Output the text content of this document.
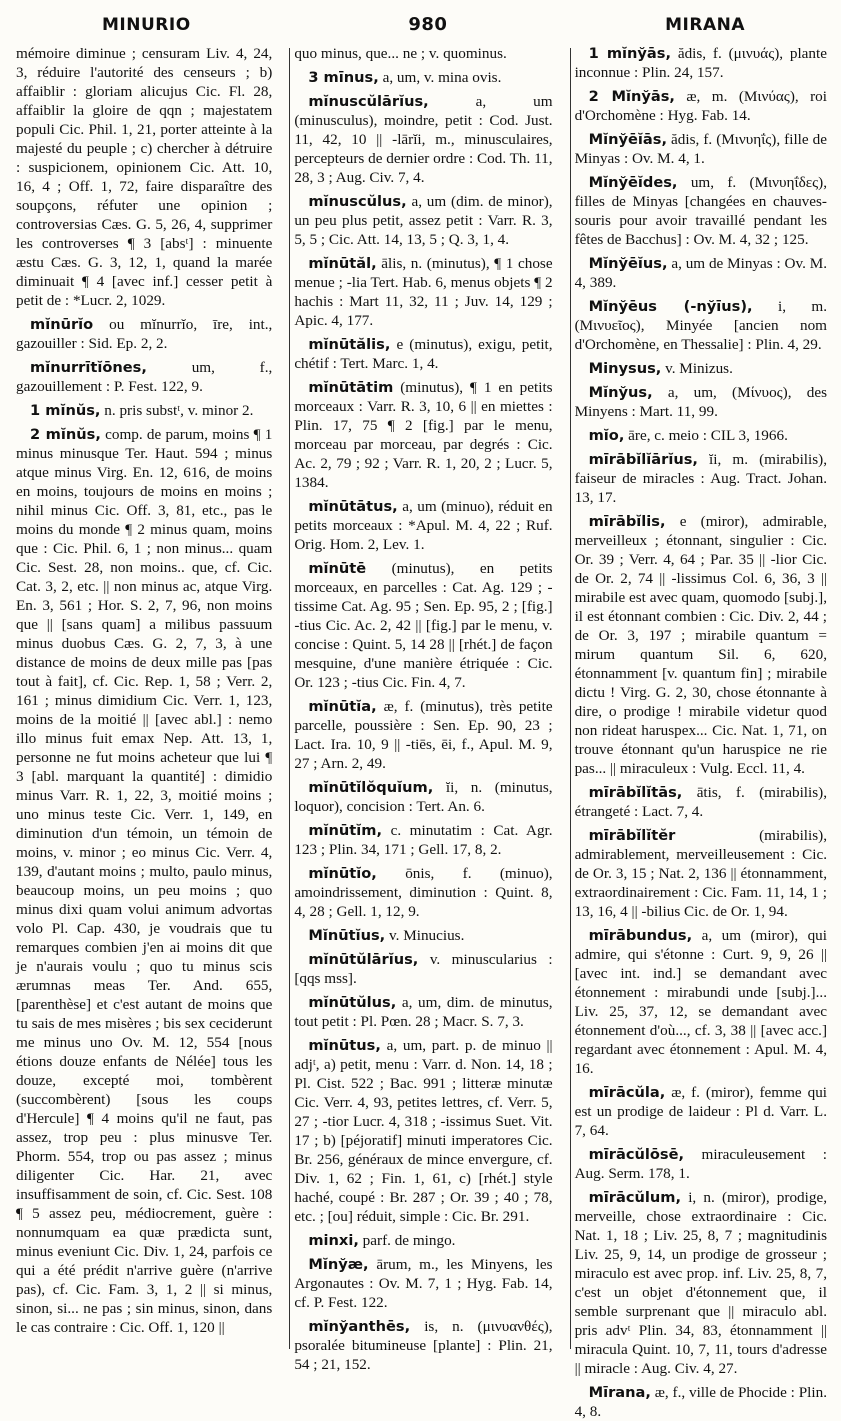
MINURIO	980	MIRANA

mémoire diminue ; censuram Liv. 4, 24, 3, réduire l'autorité des censeurs ; b) affaiblir : gloriam alicujus Cic. Fl. 28, affaiblir la gloire de qqn ; majestatem populi Cic. Phil. 1, 21, porter atteinte à la majesté du peuple ; c) chercher à détruire : suspicionem, opinionem Cic. Att. 10, 16, 4 ; Off. 1, 72, faire disparaître des soupçons, réfuter une opinion ; controversias Cæs. G. 5, 26, 4, supprimer les controverses ¶ 3 [absᵗ] : minuente æstu Cæs. G. 3, 12, 1, quand la marée diminuait ¶ 4 [avec inf.] cesser petit à petit de : *Lucr. 2, 1029.

mĭnūrĭo ou mĭnurrĭo, īre, int., gazouiller : Sid. Ep. 2, 2.

mĭnurrītĭōnes,	um, f., gazouillement : P. Fest. 122, 9.

1 mĭnŭs, n. pris substᵗ, v. minor 2.

2 mĭnŭs, comp. de parum, moins ¶ 1 minus minusque Ter. Haut. 594 ; minus atque minus Virg. En. 12, 616, de moins en moins, toujours de moins en moins ; nihil minus Cic. Off. 3, 81, etc., pas le moins du monde ¶ 2 minus quam, moins que : Cic. Phil. 6, 1 ; non minus... quam Cic. Sest. 28, non moins.. que, cf. Cic. Cat. 3, 2, etc. || non minus ac, atque Virg. En. 3, 561 ; Hor. S. 2, 7, 96, non moins que || [sans quam] a milibus passuum minus duobus Cæs. G. 2, 7, 3, à une distance de moins de deux mille pas [pas tout à fait], cf. Cic. Rep. 1, 58 ; Verr. 2, 161 ; minus dimidium Cic. Verr. 1, 123, moins de la moitié || [avec abl.] : nemo illo minus fuit emax Nep. Att. 13, 1, personne ne fut moins acheteur que lui ¶ 3 [abl. marquant la quantité] : dimidio minus Varr. R. 1, 22, 3, moitié moins ; uno minus teste Cic. Verr. 1, 149, en diminution d'un témoin, un témoin de moins, v. minor ; eo minus Cic. Verr. 4, 139, d'autant moins ; multo, paulo minus, beaucoup moins, un peu moins ; quo minus dixi quam volui animum advortas volo Pl. Cap. 430, je voudrais que tu remarques combien j'en ai moins dit que je n'aurais voulu ; quo tu minus scis ærumnas meas Ter. And. 655, [parenthèse] et c'est autant de moins que tu sais de mes misères ; bis sex ceciderunt me minus uno Ov. M. 12, 554 [nous étions douze enfants de Nélée] tous les douze, excepté moi, tombèrent (succombèrent) [sous les coups d'Hercule] ¶ 4 moins qu'il ne faut, pas assez, trop peu : plus minusve Ter. Phorm. 554, trop ou pas assez ; minus diligenter Cic. Har. 21, avec insuffisamment de soin, cf. Cic. Sest. 108 ¶ 5 assez peu, médiocrement, guère : nonnumquam ea quæ prædicta sunt, minus eveniunt Cic. Div. 1, 24, parfois ce qui a été prédit n'arrive guère (n'arrive pas), cf. Cic. Fam. 3, 1, 2 || si minus, sinon, si... ne pas ; sin minus, sinon, dans le cas contraire : Cic. Off. 1, 120 ||

quo minus, que... ne ; v. quominus.

3 mīnus, a, um, v. mina ovis.

mĭnuscŭlārĭus,	a, um (minusculus), moindre, petit : Cod. Just. 11, 42, 10 || -lārĭi, m., minusculaires, percepteurs de dernier ordre : Cod. Th. 11, 28, 3 ; Aug. Civ. 7, 4.

mĭnuscŭlus, a, um (dim. de minor), un peu plus petit, assez petit : Varr. R. 3, 5, 5 ; Cic. Att. 14, 13, 5 ; Q. 3, 1, 4.

mĭnūtăl, ālis, n. (minutus), ¶ 1 chose menue ; -lia Tert. Hab. 6, menus objets ¶ 2 hachis : Mart 11, 32, 11 ; Juv. 14, 129 ; Apic. 4, 177.

mĭnūtălis, e (minutus), exigu, petit, chétif : Tert. Marc. 1, 4.

mĭnūtātim (minutus), ¶ 1 en petits morceaux : Varr. R. 3, 10, 6 || en miettes : Plin. 17, 75 ¶ 2 [fig.] par le menu, morceau par morceau, par degrés : Cic. Ac. 2, 79 ; 92 ; Varr. R. 1, 20, 2 ; Lucr. 5, 1384.

mĭnūtātus, a, um (minuo), réduit en petits morceaux : *Apul. M. 4, 22 ; Ruf. Orig. Hom. 2, Lev. 1.

mĭnūtē (minutus), en petits morceaux, en parcelles : Cat. Ag. 129 ; -tissime Cat. Ag. 95 ; Sen. Ep. 95, 2 ; [fig.] -tius Cic. Ac. 2, 42 || [fig.] par le menu, v. concise : Quint. 5, 14 28 || [rhét.] de façon mesquine, d'une manière étriquée : Cic. Or. 123 ; -tius Cic. Fin. 4, 7.

mĭnūtĭa, æ, f. (minutus), très petite parcelle, poussière : Sen. Ep. 90, 23 ; Lact. Ira. 10, 9 || -tiēs, ēi, f., Apul. M. 9, 27 ; Arn. 2, 49.

mĭnūtĭlŏquĭum, ĭi, n. (minutus, loquor), concision : Tert. An. 6.

mĭnūtĭm, c. minutatim : Cat. Agr. 123 ; Plin. 34, 171 ; Gell. 17, 8, 2.

mĭnūtĭo, ōnis, f. (minuo), amoindrissement, diminution : Quint. 8, 4, 28 ; Gell. 1, 12, 9.

Mĭnūtĭus, v. Minucius.

mĭnūtŭlārĭus, v. minuscularius : [qqs mss].

mĭnūtŭlus, a, um, dim. de minutus, tout petit : Pl. Pœn. 28 ; Macr. S. 7, 3.

mĭnūtus, a, um, part. p. de minuo || adjᵗ, a) petit, menu : Varr. d. Non. 14, 18 ; Pl. Cist. 522 ; Bac. 991 ; litteræ minutæ Cic. Verr. 4, 93, petites lettres, cf. Verr. 5, 27 ; -tior Lucr. 4, 318 ; -issimus Suet. Vit. 17 ; b) [péjoratif] minuti imperatores Cic. Br. 256, généraux de mince envergure, cf. Div. 1, 62 ; Fin. 1, 61, c) [rhét.] style haché, coupé : Br. 287 ; Or. 39 ; 40 ; 78, etc. ; [ou] réduit, simple : Cic. Br. 291.

minxi, parf. de mingo.

Mĭnўæ, ārum, m., les Minyens, les Argonautes : Ov. M. 7, 1 ; Hyg. Fab. 14, cf. P. Fest. 122.

mĭnўanthēs, is, n. (μινυανθές), psoralée bitumineuse [plante] : Plin. 21, 54 ; 21, 152.

1 mĭnўās, ădis, f. (μινυάς), plante inconnue : Plin. 24, 157.

2 Mĭnўās, æ, m. (Μινύας), roi d'Orchomène : Hyg. Fab. 14.

Mĭnўēĭās, ădis, f. (Μινυηΐς), fille de Minyas : Ov. M. 4, 1.

Mĭnўēĭdes, um, f. (Μινυηΐδες), filles de Minyas [changées en chauves-souris pour avoir travaillé pendant les fêtes de Bacchus] : Ov. M. 4, 32 ; 125.

Mĭnўēĭus, a, um de Minyas : Ov. M. 4, 389.

Mĭnўēus (-nўīus), i, m. (Μινυεῖος), Minyée [ancien nom d'Orchomène, en Thessalie] : Plin. 4, 29.

Minysus, v. Minizus.

Mĭnўus, a, um, (Μίνυος), des Minyens : Mart. 11, 99.

mĭo, āre, c. meio : CIL 3, 1966.

mīrābĭlĭārĭus, ĭi, m. (mirabilis), faiseur de miracles : Aug. Tract. Johan. 13, 17.

mīrābĭlis, e (miror), admirable, merveilleux ; étonnant, singulier : Cic. Or. 39 ; Verr. 4, 64 ; Par. 35 || -lior Cic. de Or. 2, 74 || -lissimus Col. 6, 36, 3 || mirabile est avec quam, quomodo [subj.], il est étonnant combien : Cic. Div. 2, 44 ; de Or. 3, 197 ; mirabile quantum = mirum quantum Sil. 6, 620, étonnamment [v. quantum fin] ; mirabile dictu ! Virg. G. 2, 30, chose étonnante à dire, o prodige ! mirabile videtur quod non rideat haruspex... Cic. Nat. 1, 71, on trouve étonnant qu'un haruspice ne rie pas... || miraculeux : Vulg. Eccl. 11, 4.

mīrābĭlĭtās, ātis, f. (mirabilis), étrangeté : Lact. 7, 4.

mīrābĭlĭtĕr	(mirabilis), admirablement, merveilleusement : Cic. de Or. 3, 15 ; Nat. 2, 136 || étonnamment, extraordinairement : Cic. Fam. 11, 14, 1 ; 13, 16, 4 || -bilius Cic. de Or. 1, 94.

mīrābundus, a, um (miror), qui admire, qui s'étonne : Curt. 9, 9, 26 || [avec int. ind.] se demandant avec étonnement : mirabundi unde [subj.]... Liv. 25, 37, 12, se demandant avec étonnement d'où..., cf. 3, 38 || [avec acc.] regardant avec étonnement : Apul. M. 4, 16.

mīrācŭla, æ, f. (miror), femme qui est un prodige de laideur : Pl d. Varr. L. 7, 64.

mīrācŭlōsē, miraculeusement : Aug. Serm. 178, 1.

mīrācŭlum, i, n. (miror), prodige, merveille, chose extraordinaire : Cic. Nat. 1, 18 ; Liv. 25, 8, 7 ; magnitudinis Liv. 25, 9, 14, un prodige de grosseur ; miraculo est avec prop. inf. Liv. 25, 8, 7, c'est un objet d'étonnement que, il semble surprenant que || miraculo abl. pris advᵗ Plin. 34, 83, étonnamment || miracula Quint. 10, 7, 11, tours d'adresse || miracle : Aug. Civ. 4, 27.

Mīrana, æ, f., ville de Phocide : Plin. 4, 8.
